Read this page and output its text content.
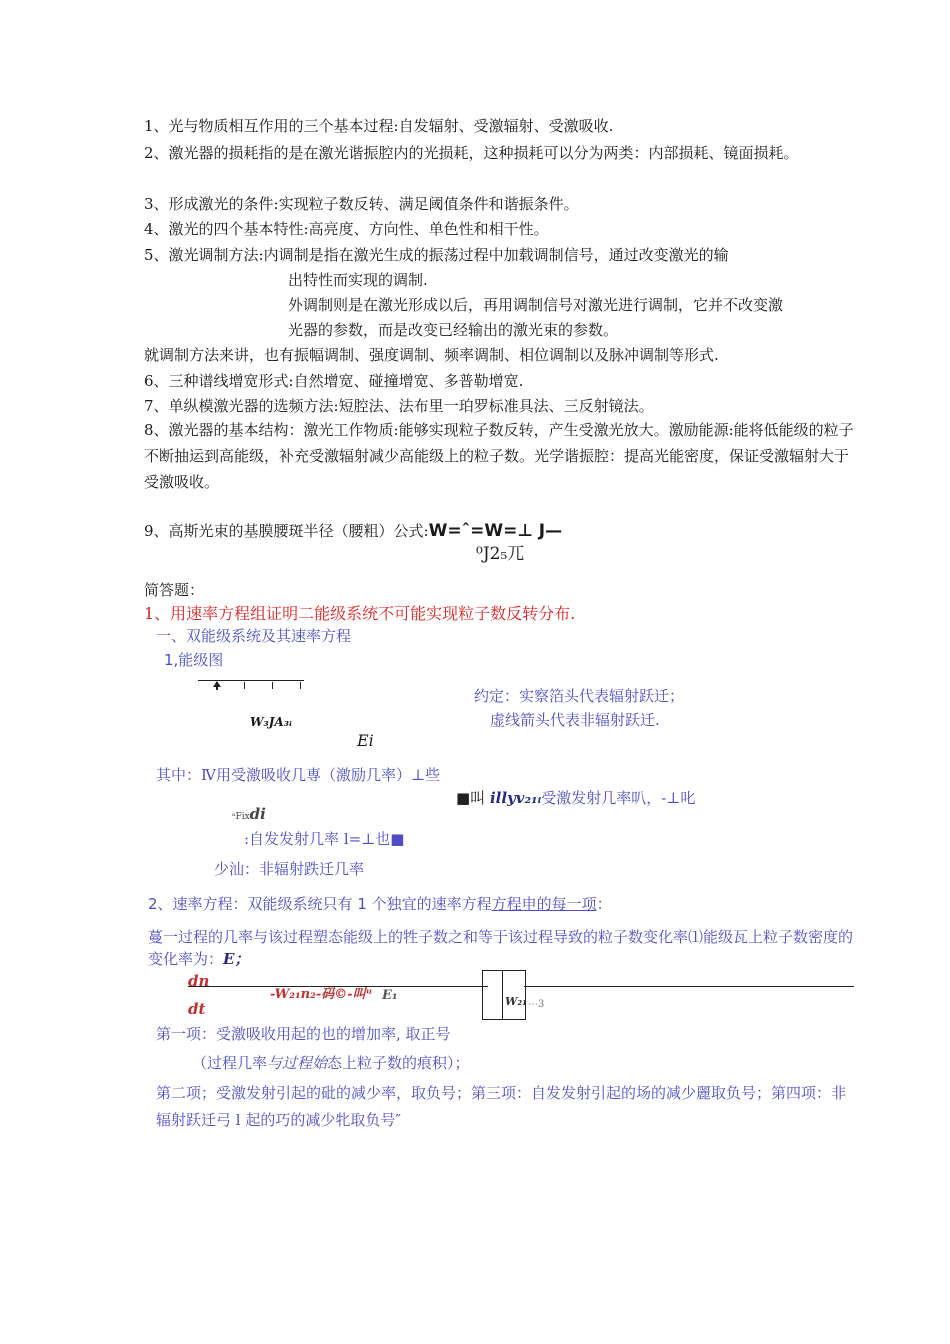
1、光与物质相互作用的三个基本过程:自发辐射、受激辐射、受激吸收.
2、激光器的损耗指的是在激光谐振腔内的光损耗，这种损耗可以分为两类：内部损耗、镜面损耗。
3、形成激光的条件:实现粒子数反转、满足阈值条件和谐振条件。
4、激光的四个基本特性:高亮度、方向性、单色性和相干性。
5、激光调制方法:内调制是指在激光生成的振荡过程中加载调制信号，通过改变激光的输
出特性而实现的调制.
外调制则是在激光形成以后，再用调制信号对激光进行调制，它并不改变激
光器的参数，而是改变已经输出的激光束的参数。
就调制方法来讲，也有振幅调制、强度调制、频率调制、相位调制以及脉冲调制等形式.
6、三种谱线增宽形式:自然增宽、碰撞增宽、多普勒增宽.
7、单纵模激光器的选频方法:短腔法、法布里一珀罗标准具法、三反射镜法。
8、激光器的基本结构：激光工作物质:能够实现粒子数反转，产生受激光放大。激励能源:能将低能级的粒子不断抽运到高能级，补充受激辐射减少高能级上的粒子数。光学谐振腔：提高光能密度，保证受激辐射大于受激吸收。
9、高斯光束的基膜腰斑半径（腰粗）公式:W=ˆ=W=⊥ J—
⁰J2₅兀
简答题：
1、用速率方程组证明二能级系统不可能实现粒子数反转分布.
一、双能级系统及其速率方程
1,能级图
W₃JA₃ᵢ
Ei
约定：实察箔头代表辐射跃迁；
虚线箭头代表非辐射跃迁.
其中：Ⅳ用受激吸收几専（激励几率）⊥些
■叫 illyv₂₁ᵢ受激发射几率叭，-⊥叱
ᵃFixdi
:自发发射几率 l=⊥也■
少汕：非辐射跌迁几率
2、速率方程：双能级系统只有 1 个独宜的速率方程方程申的每一项：
蔓一过程的几率与该过程塑态能级上的牲子数之和等于该过程导致的粒子数变化率⑴能级瓦上粒子数密度的变化率为：E；
dn
dt
-W₂₁n₂-码©-叫ᵘ E₁	W₂₁ ⋯3
第一项：受激吸收用起的也的增加率, 取正号
（过程几率与过程始态上粒子数的痕积）；
第二项；受激发射引起的砒的减少率，取负号；第三项：自发发射引起的场的减少麗取负号；第四项：非辐射跃迁弓 l 起的巧的减少牝取负号″
